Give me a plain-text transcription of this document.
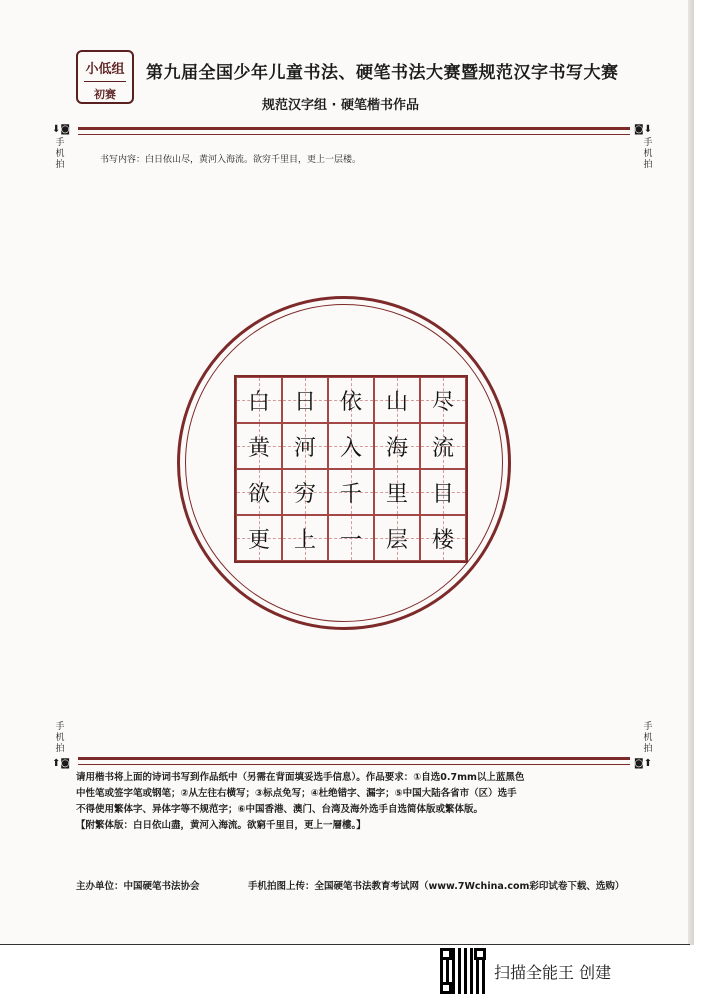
小低组
初赛
第九届全国少年儿童书法、硬笔书法大赛暨规范汉字书写大赛
规范汉字组 · 硬笔楷书作品
⬇◙
手机拍
◙⬇
手机拍
书写内容：白日依山尽，黄河入海流。欲穷千里目，更上一层楼。
白 日 依 山 尽
黄 河 入 海 流
欲 穷 千 里 目
更 上 一 层 楼
手机拍
⬆◙
手机拍
◙⬆
请用楷书将上面的诗词书写到作品纸中（另需在背面填妥选手信息）。作品要求：①自选0.7mm以上蓝黑色
中性笔或签字笔或钢笔；②从左往右横写；③标点免写；④杜绝错字、漏字；⑤中国大陆各省市（区）选手
不得使用繁体字、异体字等不规范字；⑥中国香港、澳门、台湾及海外选手自选简体版或繁体版。
【附繁体版：白日依山盡，黄河入海流。欲窮千里目，更上一層樓。】
主办单位：中国硬笔书法协会	手机拍图上传：全国硬笔书法教育考试网（www.7Wchina.com彩印试卷下载、选购）
扫描全能王 创建
